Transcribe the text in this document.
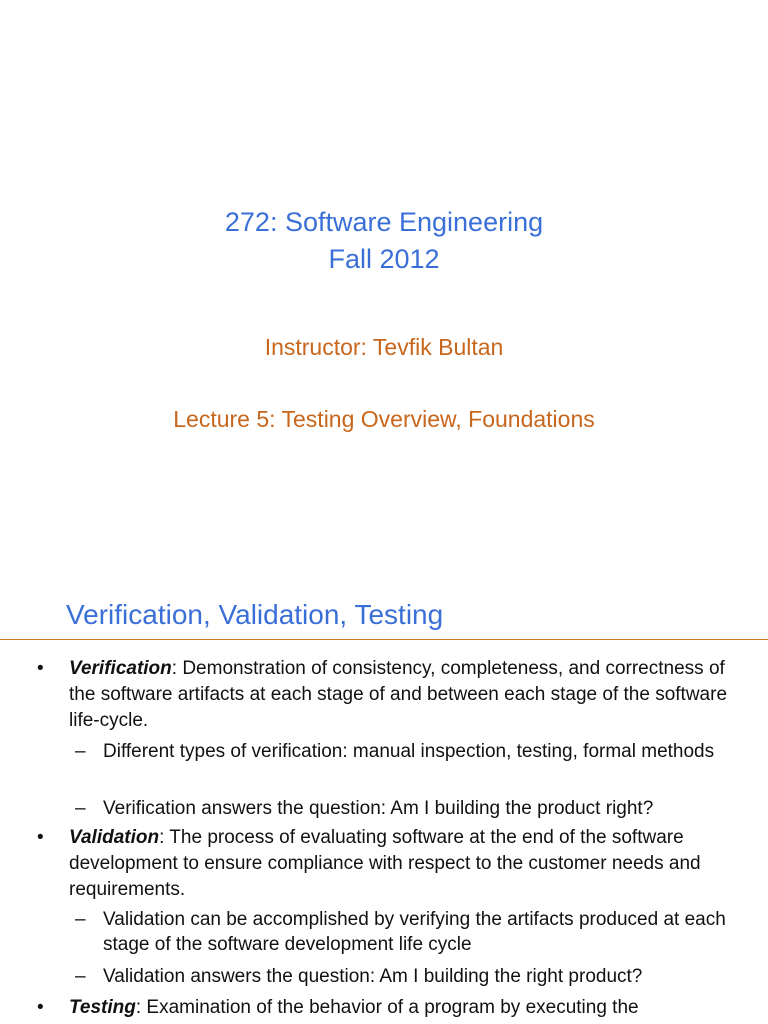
272: Software Engineering
Fall 2012
Instructor: Tevfik Bultan
Lecture 5: Testing Overview, Foundations
Verification, Validation, Testing
• Verification: Demonstration of consistency, completeness, and correctness of the software artifacts at each stage of and between each stage of the software life-cycle.

– Different types of verification: manual inspection, testing, formal methods

– Verification answers the question: Am I building the product right?

• Validation: The process of evaluating software at the end of the software development to ensure compliance with respect to the customer needs and requirements.

– Validation can be accomplished by verifying the artifacts produced at each stage of the software development life cycle

– Validation answers the question: Am I building the right product?

• Testing: Examination of the behavior of a program by executing the
